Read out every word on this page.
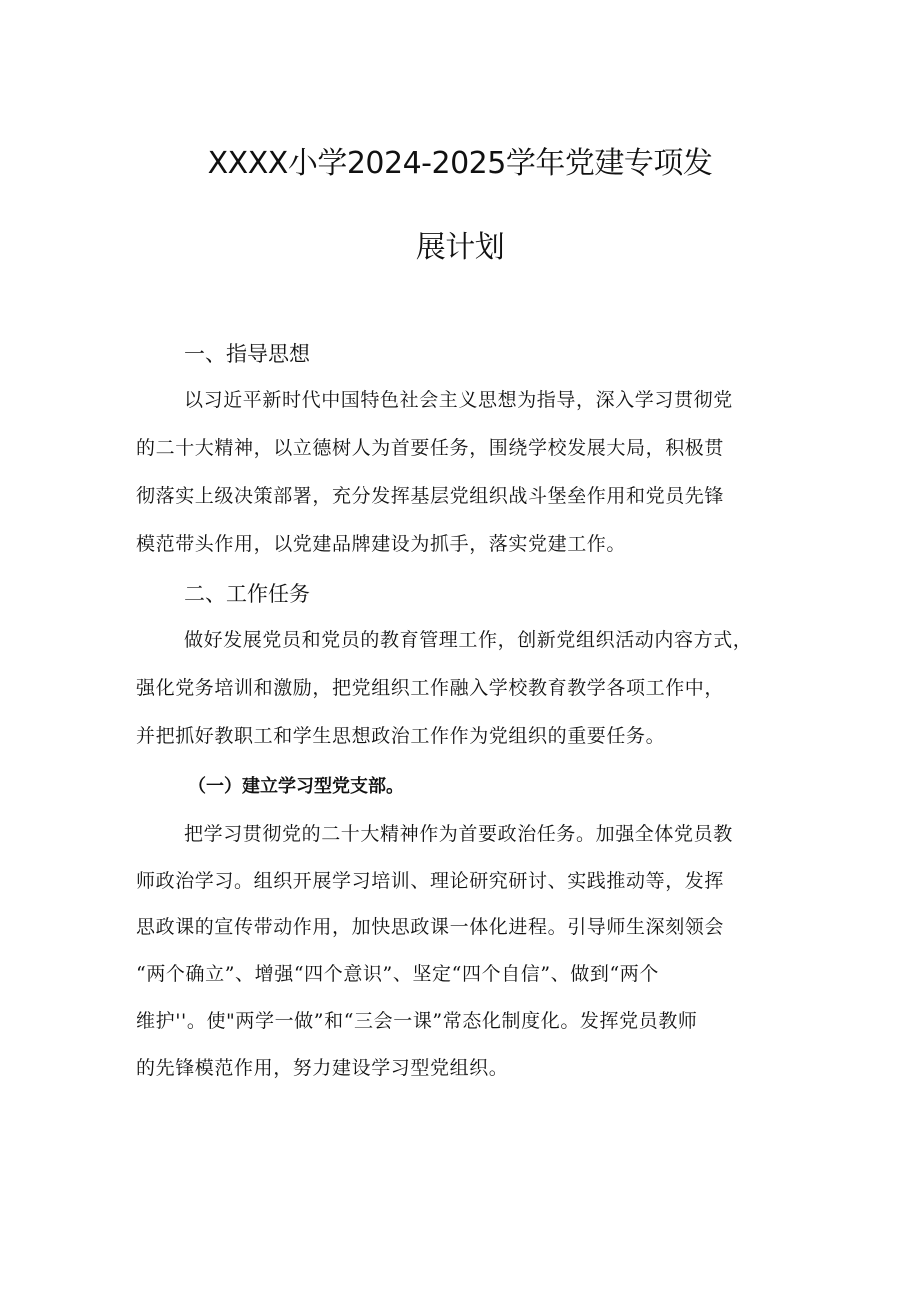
XXXX小学2024-2025学年党建专项发
展计划
一、指导思想
以习近平新时代中国特色社会主义思想为指导，深入学习贯彻党
的二十大精神，以立德树人为首要任务，围绕学校发展大局，积极贯
彻落实上级决策部署，充分发挥基层党组织战斗堡垒作用和党员先锋
模范带头作用，以党建品牌建设为抓手，落实党建工作。
二、工作任务
做好发展党员和党员的教育管理工作，创新党组织活动内容方式，
强化党务培训和激励，把党组织工作融入学校教育教学各项工作中，
并把抓好教职工和学生思想政治工作作为党组织的重要任务。
（一）建立学习型党支部。
把学习贯彻党的二十大精神作为首要政治任务。加强全体党员教
师政治学习。组织开展学习培训、理论研究研讨、实践推动等，发挥
思政课的宣传带动作用，加快思政课一体化进程。引导师生深刻领会
“两个确立”、增强“四个意识”、坚定“四个自信”、做到“两个
维护''。使"两学一做”和“三会一课”常态化制度化。发挥党员教师
的先锋模范作用，努力建设学习型党组织。
